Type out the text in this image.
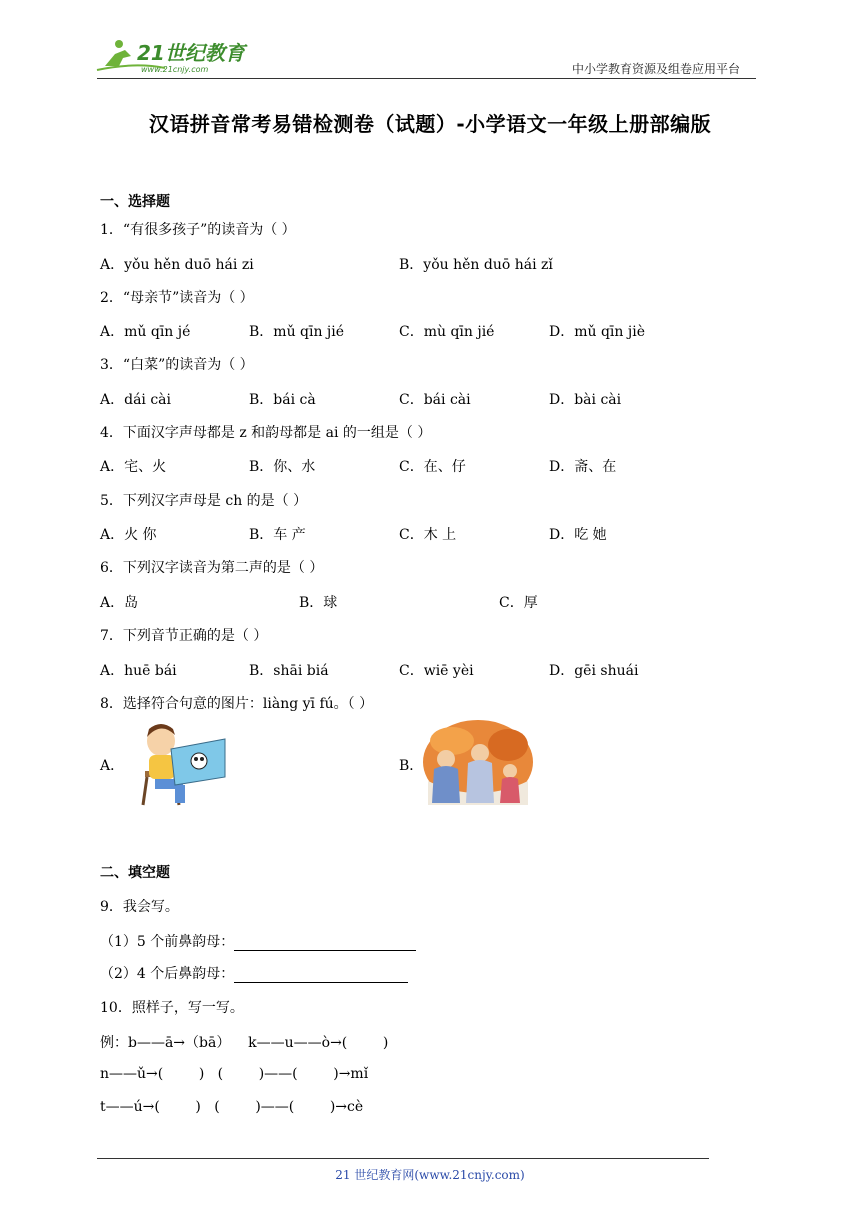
21世纪教育
www.21cnjy.com	中小学教育资源及组卷应用平台
汉语拼音常考易错检测卷（试题）-小学语文一年级上册部编版
一、选择题
1．“有很多孩子”的读音为（ ）
A．yǒu hěn duō hái zi	B．yǒu hěn duō hái zǐ
2．“母亲节”读音为（ ）
A．mǔ qīn jé	B．mǔ qīn jié	C．mù qīn jié	D．mǔ qīn jiè
3．“白菜”的读音为（ ）
A．dái cài	B．bái cà	C．bái cài	D．bài cài
4．下面汉字声母都是 z 和韵母都是 ai 的一组是（ ）
A．宅、火	B．你、水	C．在、仔	D．斋、在
5．下列汉字声母是 ch 的是（ ）
A．火 你	B．车 产	C．木 上	D．吃 她
6．下列汉字读音为第二声的是（ ）
A．岛	B．球	C．厚
7．下列音节正确的是（ ）
A．huē bái	B．shāi biá	C．wiē yèi	D．gēi shuái
8．选择符合句意的图片：liàng yī fú。（ ）
A．	B．
二、填空题
9．我会写。
（1）5 个前鼻韵母：
（2）4 个后鼻韵母：
10．照样子，写一写。
例：b——ā→（bā）    k——u——ò→(        )
n——ǔ→(        )   (        )——(        )→mǐ
t——ú→(        )   (        )——(        )→cè
21 世纪教育网(www.21cnjy.com)
